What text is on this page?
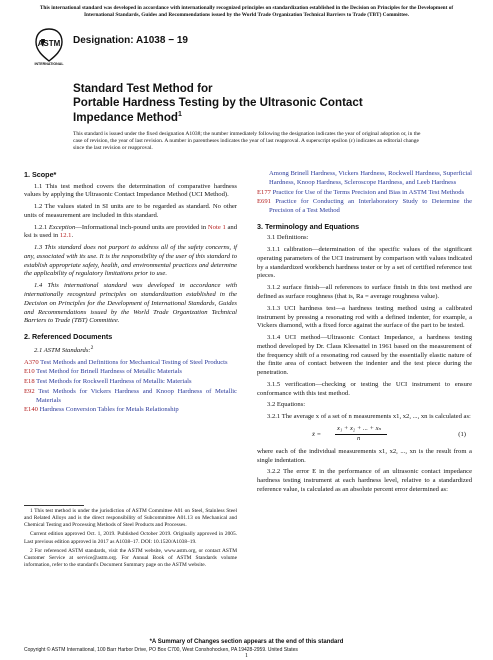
This international standard was developed in accordance with internationally recognized principles on standardization established in the Decision on Principles for the Development of International Standards, Guides and Recommendations issued by the World Trade Organization Technical Barriers to Trade (TBT) Committee.
ASTM
INTERNATIONAL
Designation: A1038 − 19
Standard Test Method for
Portable Hardness Testing by the Ultrasonic Contact Impedance Method$^1$
This standard is issued under the fixed designation A1038; the number immediately following the designation indicates the year of original adoption or, in the case of revision, the year of last revision. A number in parentheses indicates the year of last reapproval. A superscript epsilon (ε) indicates an editorial change since the last revision or reapproval.
1. Scope*

1.1 This test method covers the determination of comparative hardness values by applying the Ultrasonic Contact Impedance Method (UCI Method).

1.2 The values stated in SI units are to be regarded as standard. No other units of measurement are included in this standard.

1.2.1 Exception—Informational inch-pound units are provided in Note 1 and ksi is used in 12.1.

1.3 This standard does not purport to address all of the safety concerns, if any, associated with its use. It is the responsibility of the user of this standard to establish appropriate safety, health, and environmental practices and determine the applicability of regulatory limitations prior to use.

1.4 This international standard was developed in accordance with internationally recognized principles on standardization established in the Decision on Principles for the Development of International Standards, Guides and Recommendations issued by the World Trade Organization Technical Barriers to Trade (TBT) Committee.

2. Referenced Documents

2.1 ASTM Standards:$^2$

A370 Test Methods and Definitions for Mechanical Testing of Steel Products
E10 Test Method for Brinell Hardness of Metallic Materials
E18 Test Methods for Rockwell Hardness of Metallic Materials
E92 Test Methods for Vickers Hardness and Knoop Hardness of Metallic Materials
E140 Hardness Conversion Tables for Metals Relationship
Among Brinell Hardness, Vickers Hardness, Rockwell Hardness, Superficial Hardness, Knoop Hardness, Scleroscope Hardness, and Leeb Hardness
E177 Practice for Use of the Terms Precision and Bias in ASTM Test Methods
E691 Practice for Conducting an Interlaboratory Study to Determine the Precision of a Test Method
3. Terminology and Equations

3.1 Definitions:

3.1.1 calibration—determination of the specific values of the significant operating parameters of the UCI instrument by comparison with values indicated by a standardized workbench hardness tester or by a set of certified reference test pieces.

3.1.2 surface finish—all references to surface finish in this test method are defined as surface roughness (that is, Ra = average roughness value).

3.1.3 UCI hardness test—a hardness testing method using a calibrated instrument by pressing a resonating rod with a defined indenter, for example, a Vickers diamond, with a fixed force against the surface of the part to be tested.

3.1.4 UCI method—Ultrasonic Contact Impedance, a hardness testing method developed by Dr. Claus Kleesattel in 1961 based on the measurement of the frequency shift of a resonating rod caused by the essentially elastic nature of the finite area of contact between the indenter and the test piece during the penetration.

3.1.5 verification—checking or testing the UCI instrument to ensure conformance with this test method.

3.2 Equations:

3.2.1 The average x of a set of n measurements x1, x2, ..., xn is calculated as:

x̄ =
x₁ + x₂ + ... + xₙ
n
(1)

where each of the individual measurements x1, x2, ..., xn is the result from a single indentation.

3.2.2 The error E in the performance of an ultrasonic contact impedance hardness testing instrument at each hardness level, relative to a standardized reference value, is calculated as an absolute percent error determined as:

1 This test method is under the jurisdiction of ASTM Committee A01 on Steel, Stainless Steel and Related Alloys and is the direct responsibility of Subcommittee A01.13 on Mechanical and Chemical Testing and Processing Methods of Steel Products and Processes.

Current edition approved Oct. 1, 2019. Published October 2019. Originally approved in 2005. Last previous edition approved in 2017 as A1038–17. DOI: 10.1520/A1038–19.

2 For referenced ASTM standards, visit the ASTM website, www.astm.org, or contact ASTM Customer Service at service@astm.org. For Annual Book of ASTM Standards volume information, refer to the standard's Document Summary page on the ASTM website.

*A Summary of Changes section appears at the end of this standard
Copyright © ASTM International, 100 Barr Harbor Drive, PO Box C700, West Conshohocken, PA 19428-2959. United States
1
